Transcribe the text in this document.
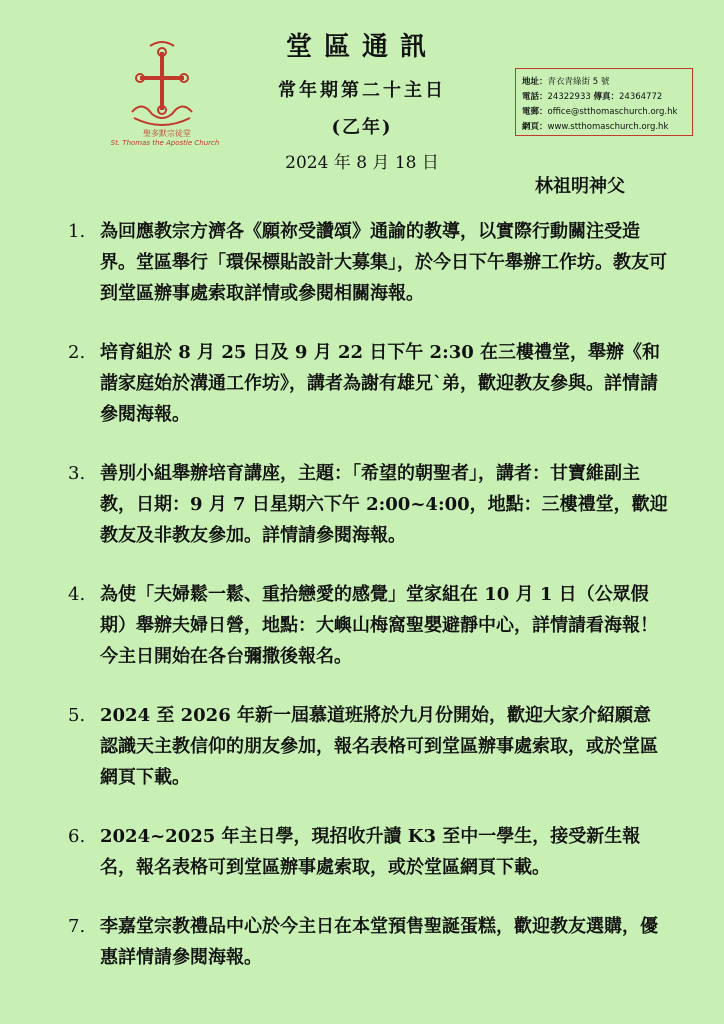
聖多默宗徒堂
St. Thomas the Apostle Church
堂區通訊
常年期第二十主日
(乙年)
2024 年 8 月 18 日
地址：青衣青綠街 5 號
電話：24322933 傳真：24364772
電郵：office@stthomaschurch.org.hk
網頁：www.stthomaschurch.org.hk
林祖明神父
1. 為回應教宗方濟各《願祢受讚頌》通諭的教導，以實際行動關注受造界。堂區舉行「環保標貼設計大募集」，於今日下午舉辦工作坊。教友可到堂區辦事處索取詳情或參閱相關海報。
2. 培育組於 8 月 25 日及 9 月 22 日下午 2:30 在三樓禮堂，舉辦《和諧家庭始於溝通工作坊》，講者為謝有雄兄`弟，歡迎教友參與。詳情請參閱海報。
3. 善別小組舉辦培育講座，主題：「希望的朝聖者」，講者：甘寶維副主教，日期：9 月 7 日星期六下午 2:00~4:00，地點：三樓禮堂，歡迎教友及非教友參加。詳情請參閱海報。
4. 為使「夫婦鬆一鬆、重拾戀愛的感覺」堂家組在 10 月 1 日（公眾假期）舉辦夫婦日營，地點：大嶼山梅窩聖嬰避靜中心，詳情請看海報！今主日開始在各台彌撒後報名。
5. 2024 至 2026 年新一屆慕道班將於九月份開始，歡迎大家介紹願意認識天主教信仰的朋友參加，報名表格可到堂區辦事處索取，或於堂區網頁下載。
6. 2024~2025 年主日學，現招收升讀 K3 至中一學生，接受新生報名，報名表格可到堂區辦事處索取，或於堂區網頁下載。
7. 李嘉堂宗教禮品中心於今主日在本堂預售聖誕蛋糕，歡迎教友選購，優惠詳情請參閱海報。
